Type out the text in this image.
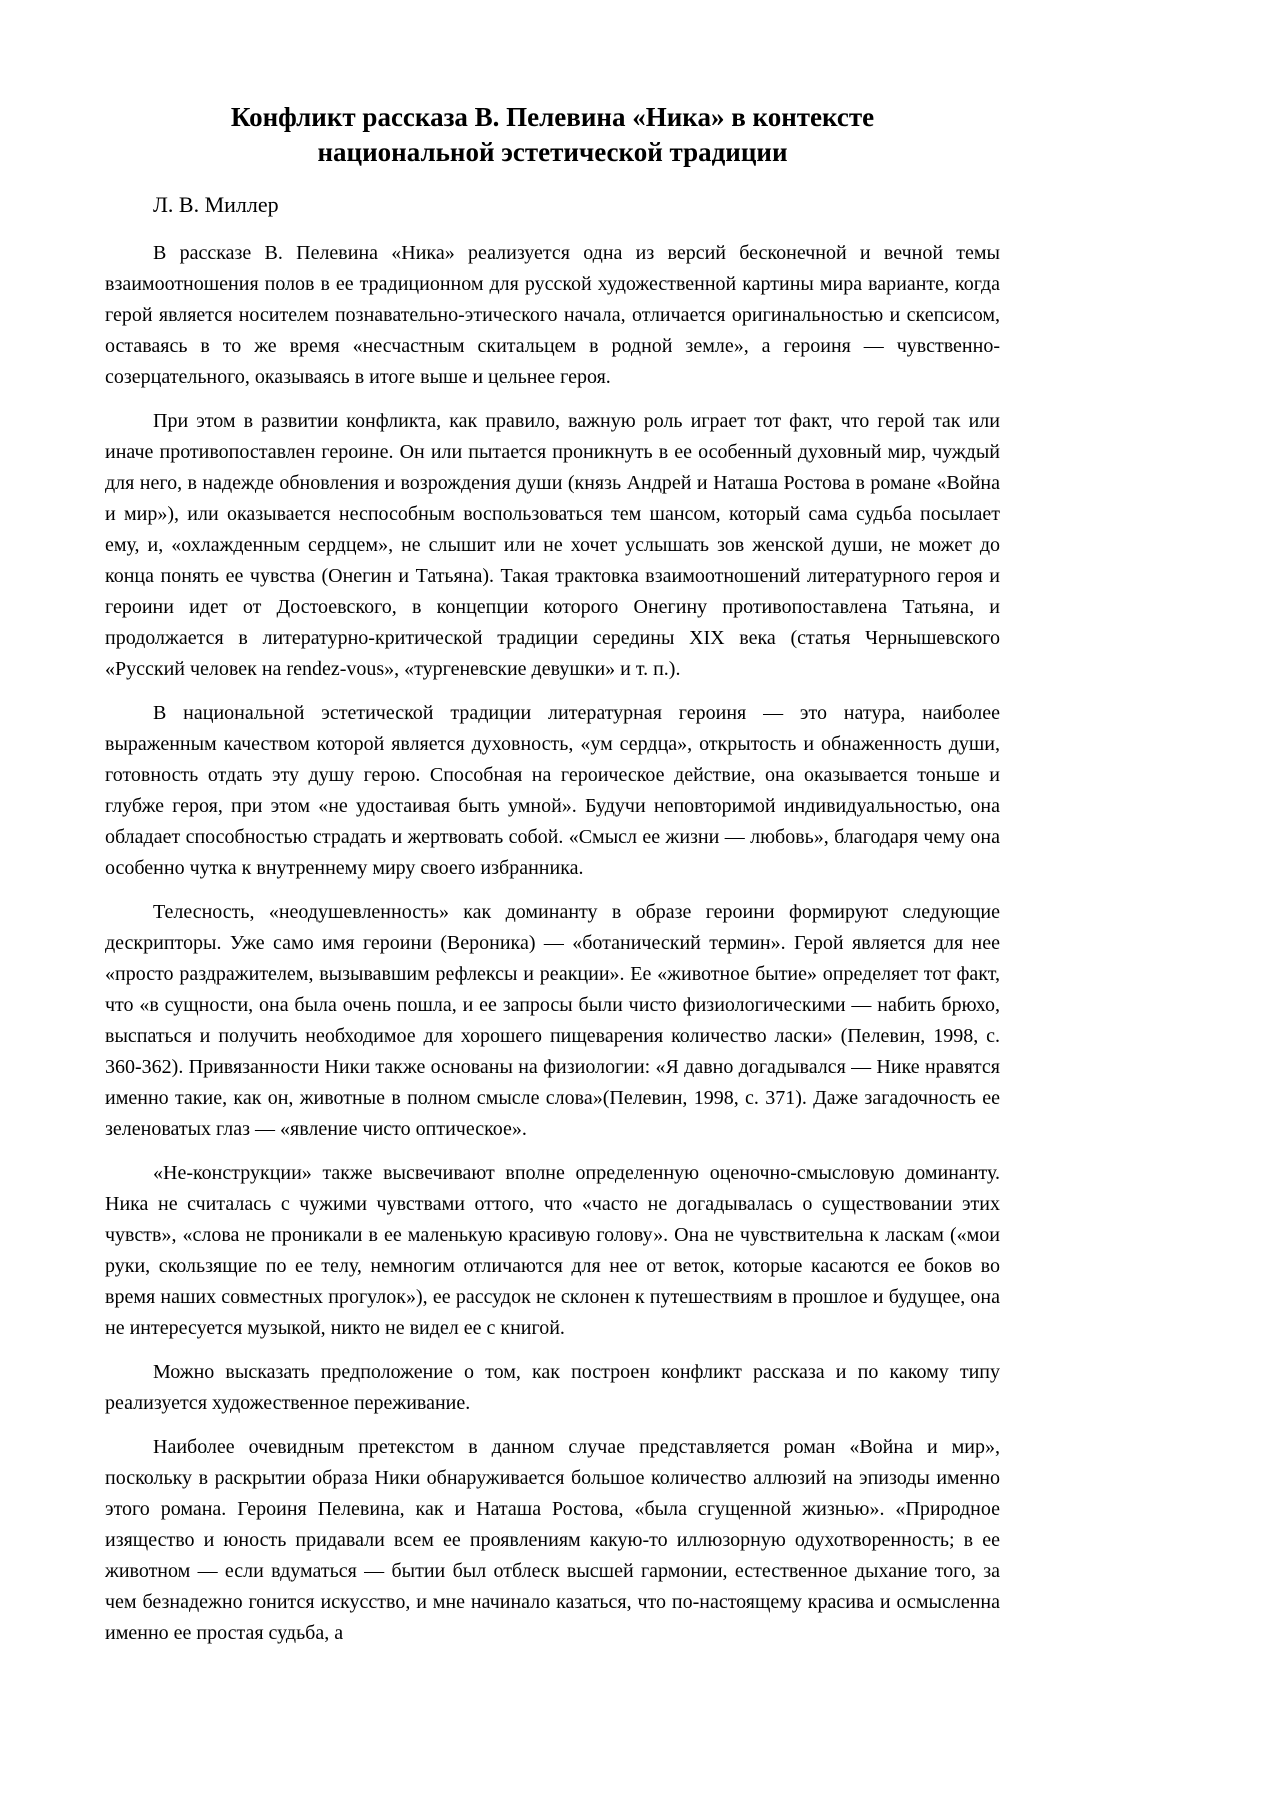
Конфликт рассказа В. Пелевина «Ника» в контексте национальной эстетической традиции

Л. В. Миллер

В рассказе В. Пелевина «Ника» реализуется одна из версий бесконечной и вечной темы взаимоотношения полов в ее традиционном для русской художественной картины мира варианте, когда герой является носителем познавательно-этического начала, отличается оригинальностью и скепсисом, оставаясь в то же время «несчастным скитальцем в родной земле», а героиня — чувственно-созерцательного, оказываясь в итоге выше и цельнее героя.

При этом в развитии конфликта, как правило, важную роль играет тот факт, что герой так или иначе противопоставлен героине. Он или пытается проникнуть в ее особенный духовный мир, чуждый для него, в надежде обновления и возрождения души (князь Андрей и Наташа Ростова в романе «Война и мир»), или оказывается неспособным воспользоваться тем шансом, который сама судьба посылает ему, и, «охлажденным сердцем», не слышит или не хочет услышать зов женской души, не может до конца понять ее чувства (Онегин и Татьяна). Такая трактовка взаимоотношений литературного героя и героини идет от Достоевского, в концепции которого Онегину противопоставлена Татьяна, и продолжается в литературно-критической традиции середины XIX века (статья Чернышевского «Русский человек на rendez-vous», «тургеневские девушки» и т. п.).

В национальной эстетической традиции литературная героиня — это натура, наиболее выраженным качеством которой является духовность, «ум сердца», открытость и обнаженность души, готовность отдать эту душу герою. Способная на героическое действие, она оказывается тоньше и глубже героя, при этом «не удостаивая быть умной». Будучи неповторимой индивидуальностью, она обладает способностью страдать и жертвовать собой. «Смысл ее жизни — любовь», благодаря чему она особенно чутка к внутреннему миру своего избранника.

Телесность, «неодушевленность» как доминанту в образе героини формируют следующие дескрипторы. Уже само имя героини (Вероника) — «ботанический термин». Герой является для нее «просто раздражителем, вызывавшим рефлексы и реакции». Ее «животное бытие» определяет тот факт, что «в сущности, она была очень пошла, и ее запросы были чисто физиологическими — набить брюхо, выспаться и получить необходимое для хорошего пищеварения количество ласки» (Пелевин, 1998, с. 360-362). Привязанности Ники также основаны на физиологии: «Я давно догадывался — Нике нравятся именно такие, как он, животные в полном смысле слова»(Пелевин, 1998, с. 371). Даже загадочность ее зеленоватых глаз — «явление чисто оптическое».

«Не-конструкции» также высвечивают вполне определенную оценочно-смысловую доминанту. Ника не считалась с чужими чувствами оттого, что «часто не догадывалась о существовании этих чувств», «слова не проникали в ее маленькую красивую голову». Она не чувствительна к ласкам («мои руки, скользящие по ее телу, немногим отличаются для нее от веток, которые касаются ее боков во время наших совместных прогулок»), ее рассудок не склонен к путешествиям в прошлое и будущее, она не интересуется музыкой, никто не видел ее с книгой.

Можно высказать предположение о том, как построен конфликт рассказа и по какому типу реализуется художественное переживание.

Наиболее очевидным претекстом в данном случае представляется роман «Война и мир», поскольку в раскрытии образа Ники обнаруживается большое количество аллюзий на эпизоды именно этого романа. Героиня Пелевина, как и Наташа Ростова, «была сгущенной жизнью». «Природное изящество и юность придавали всем ее проявлениям какую-то иллюзорную одухотворенность; в ее животном — если вдуматься — бытии был отблеск высшей гармонии, естественное дыхание того, за чем безнадежно гонится искусство, и мне начинало казаться, что по-настоящему красива и осмысленна именно ее простая судьба, а
